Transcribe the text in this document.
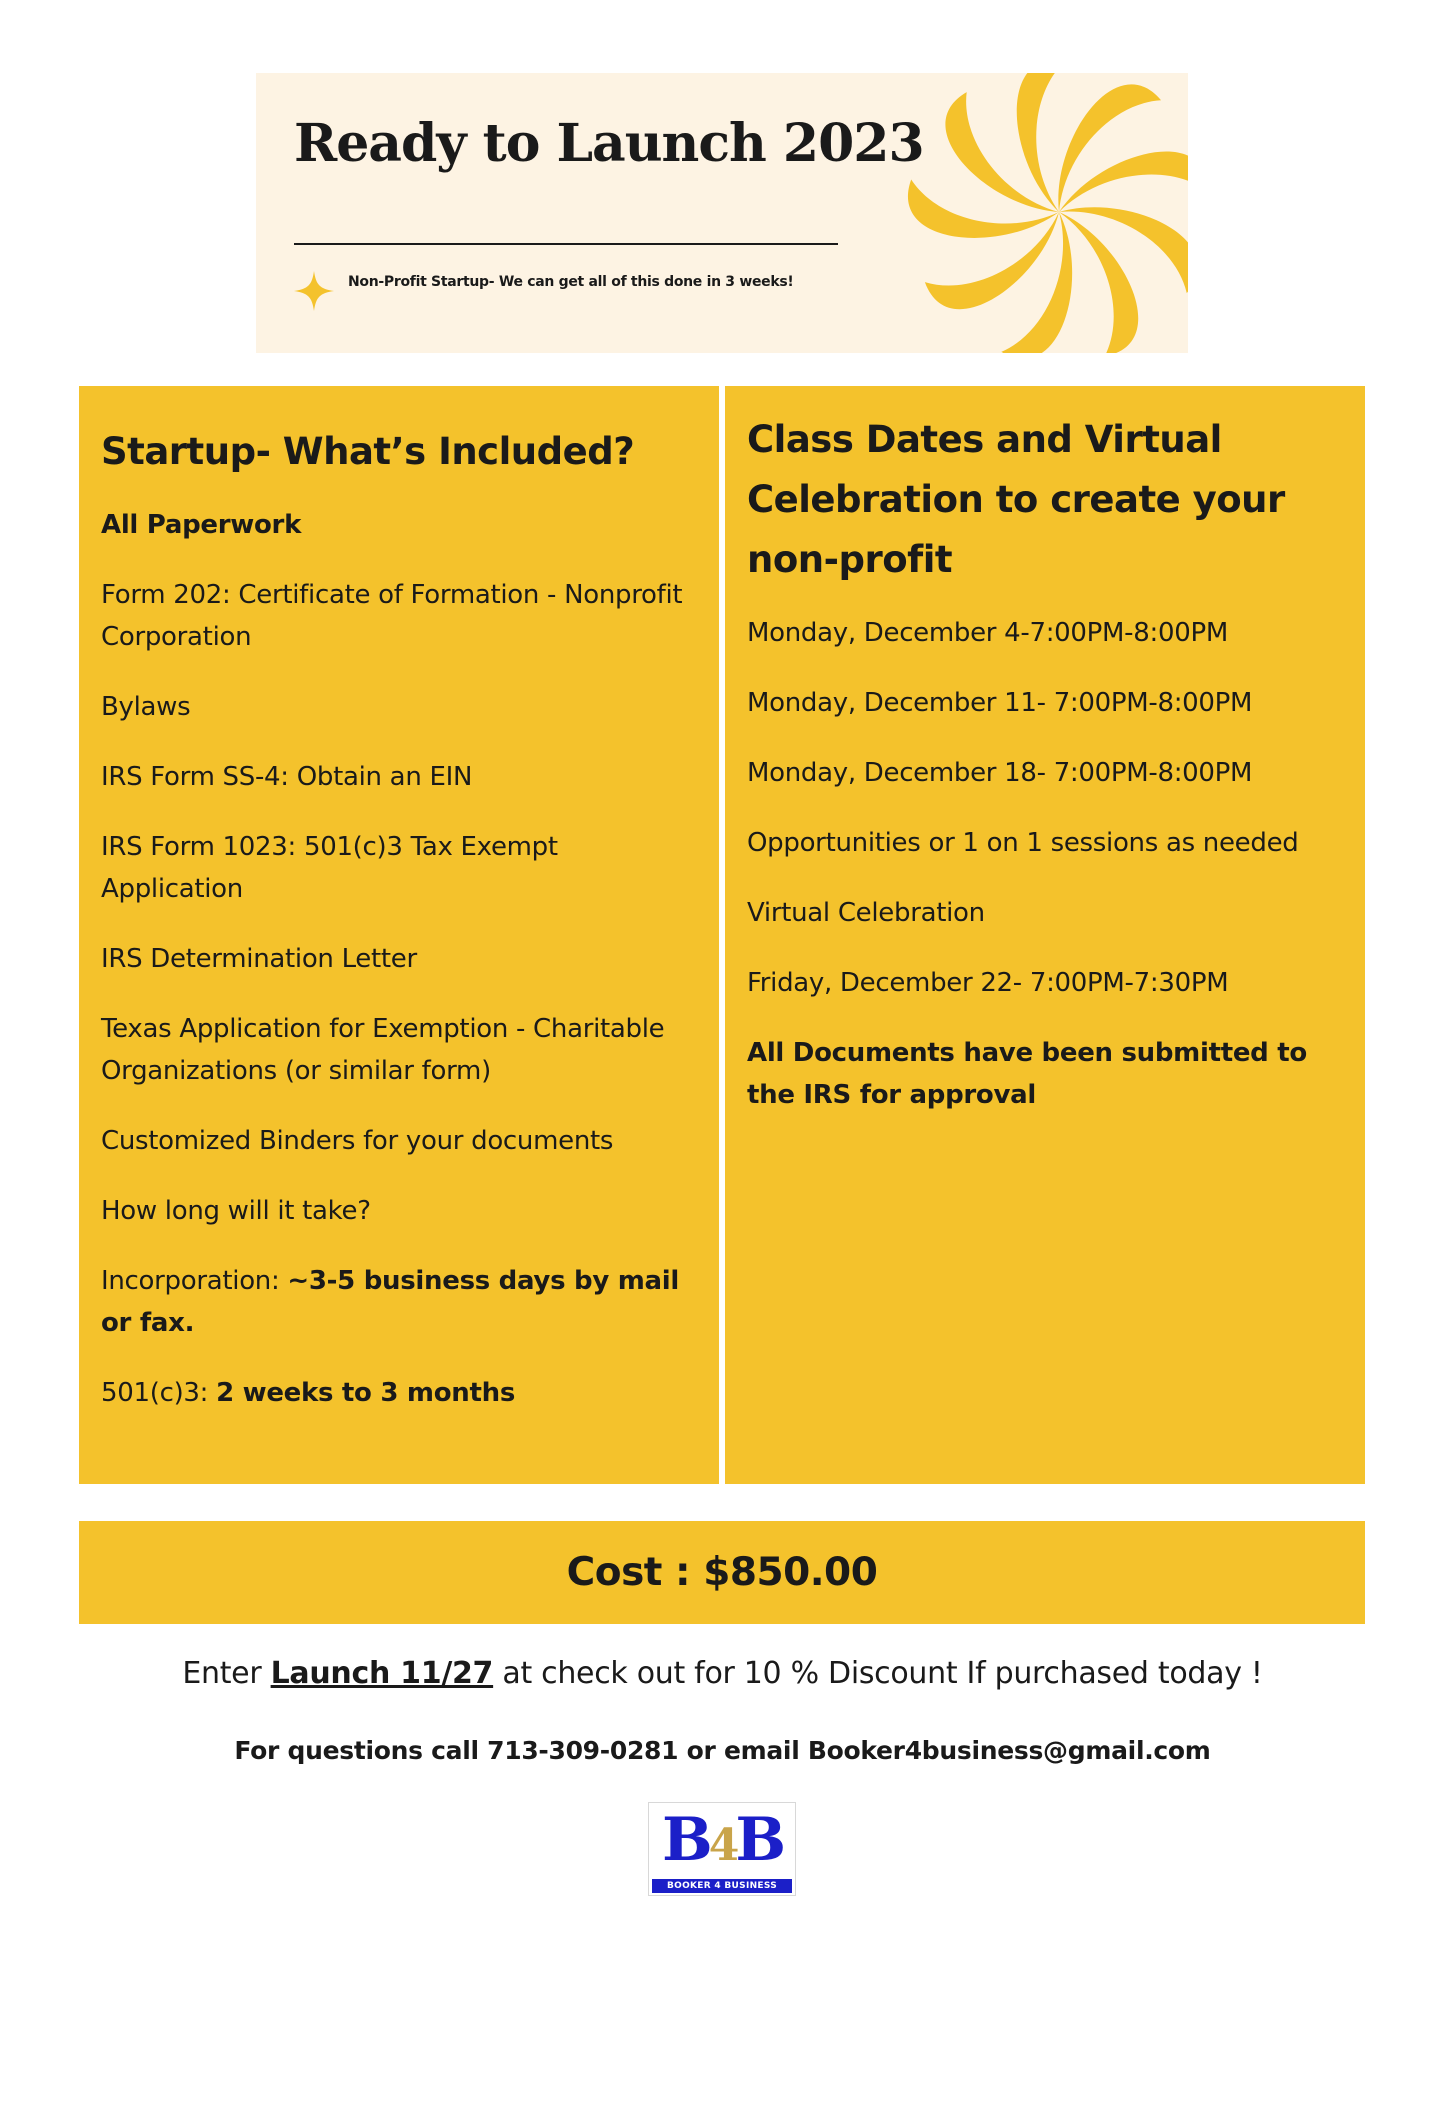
Ready to Launch 2023

Non-Profit Startup- We can get all of this done in 3 weeks!

Startup- What’s Included?

All Paperwork

Form 202: Certificate of Formation - Nonprofit Corporation

Bylaws

IRS Form SS-4: Obtain an EIN

IRS Form 1023: 501(c)3 Tax Exempt Application

IRS Determination Letter

Texas Application for Exemption - Charitable Organizations (or similar form)

Customized Binders for your documents

How long will it take?

Incorporation: ~3-5 business days by mail or fax.

501(c)3: 2 weeks to 3 months

Class Dates and Virtual Celebration to create your non-profit

Monday, December 4-7:00PM-8:00PM

Monday, December 11- 7:00PM-8:00PM

Monday, December 18- 7:00PM-8:00PM

Opportunities or 1 on 1 sessions as needed

Virtual Celebration

Friday, December 22- 7:00PM-7:30PM

All Documents have been submitted to the IRS for approval

Cost : $850.00
Enter Launch 11/27 at check out for 10 % Discount If purchased today !
For questions call 713-309-0281 or email Booker4business@gmail.com
B4B
BOOKER 4 BUSINESS
